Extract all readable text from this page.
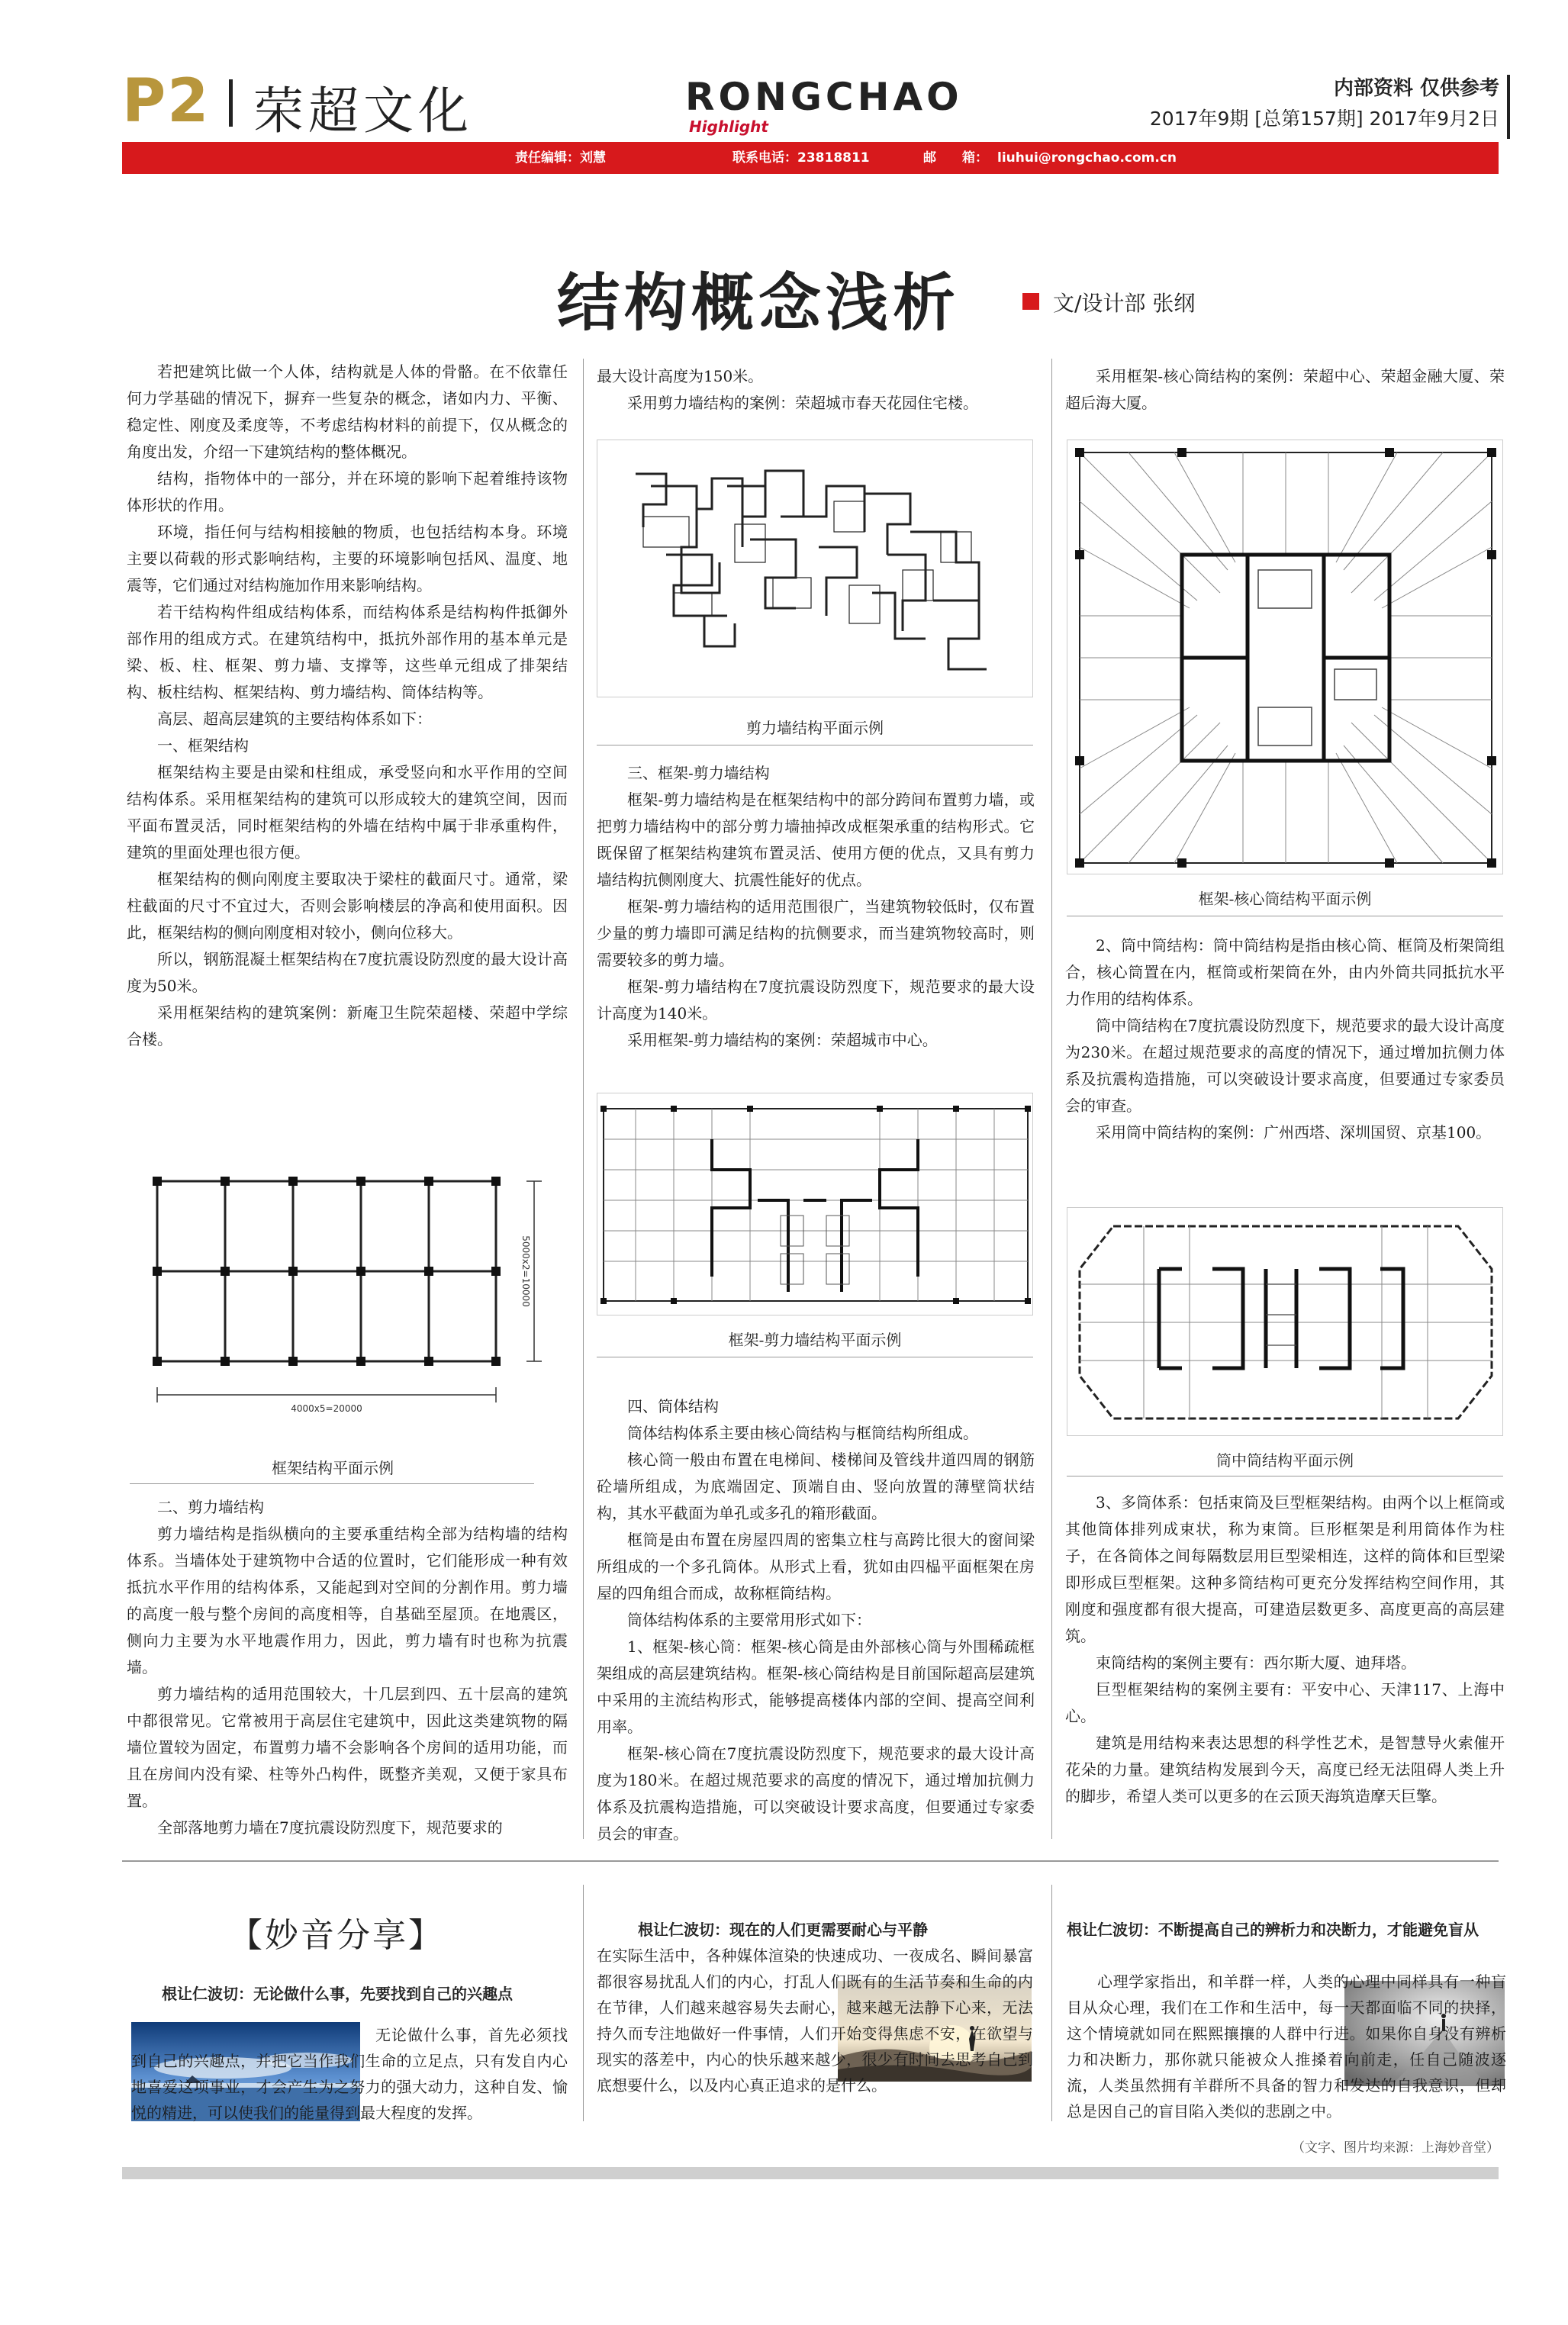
P2 荣超文化	RONGCHAO
Highlight
内部资料 仅供参考
2017年9期 [总第157期] 2017年9月2日
责任编辑：刘慧	联系电话：23818811	邮　　箱： liuhui@rongchao.com.cn
结构概念浅析	文/设计部 张纲

若把建筑比做一个人体，结构就是人体的骨骼。在不依靠任何力学基础的情况下，摒弃一些复杂的概念，诸如内力、平衡、稳定性、刚度及柔度等，不考虑结构材料的前提下，仅从概念的角度出发，介绍一下建筑结构的整体概况。

结构，指物体中的一部分，并在环境的影响下起着维持该物体形状的作用。

环境，指任何与结构相接触的物质，也包括结构本身。环境主要以荷载的形式影响结构，主要的环境影响包括风、温度、地震等，它们通过对结构施加作用来影响结构。

若干结构构件组成结构体系，而结构体系是结构构件抵御外部作用的组成方式。在建筑结构中，抵抗外部作用的基本单元是梁、板、柱、框架、剪力墙、支撑等，这些单元组成了排架结构、板柱结构、框架结构、剪力墙结构、筒体结构等。

高层、超高层建筑的主要结构体系如下：

一、框架结构

框架结构主要是由梁和柱组成，承受竖向和水平作用的空间结构体系。采用框架结构的建筑可以形成较大的建筑空间，因而平面布置灵活，同时框架结构的外墙在结构中属于非承重构件，建筑的里面处理也很方便。

框架结构的侧向刚度主要取决于梁柱的截面尺寸。通常，梁柱截面的尺寸不宜过大，否则会影响楼层的净高和使用面积。因此，框架结构的侧向刚度相对较小，侧向位移大。

所以，钢筋混凝土框架结构在7度抗震设防烈度的最大设计高度为50米。

采用框架结构的建筑案例：新庵卫生院荣超楼、荣超中学综合楼。

4000x5=20000
5000x2=10000
框架结构平面示例

二、剪力墙结构

剪力墙结构是指纵横向的主要承重结构全部为结构墙的结构体系。当墙体处于建筑物中合适的位置时，它们能形成一种有效抵抗水平作用的结构体系，又能起到对空间的分割作用。剪力墙的高度一般与整个房间的高度相等，自基础至屋顶。在地震区，侧向力主要为水平地震作用力，因此，剪力墙有时也称为抗震墙。

剪力墙结构的适用范围较大，十几层到四、五十层高的建筑中都很常见。它常被用于高层住宅建筑中，因此这类建筑物的隔墙位置较为固定，布置剪力墙不会影响各个房间的适用功能，而且在房间内没有梁、柱等外凸构件，既整齐美观，又便于家具布置。

全部落地剪力墙在7度抗震设防烈度下，规范要求的

最大设计高度为150米。

采用剪力墙结构的案例：荣超城市春天花园住宅楼。

剪力墙结构平面示例

三、框架-剪力墙结构

框架-剪力墙结构是在框架结构中的部分跨间布置剪力墙，或把剪力墙结构中的部分剪力墙抽掉改成框架承重的结构形式。它既保留了框架结构建筑布置灵活、使用方便的优点，又具有剪力墙结构抗侧刚度大、抗震性能好的优点。

框架-剪力墙结构的适用范围很广，当建筑物较低时，仅布置少量的剪力墙即可满足结构的抗侧要求，而当建筑物较高时，则需要较多的剪力墙。

框架-剪力墙结构在7度抗震设防烈度下，规范要求的最大设计高度为140米。

采用框架-剪力墙结构的案例：荣超城市中心。

框架-剪力墙结构平面示例

四、筒体结构

筒体结构体系主要由核心筒结构与框筒结构所组成。

核心筒一般由布置在电梯间、楼梯间及管线井道四周的钢筋砼墙所组成，为底端固定、顶端自由、竖向放置的薄壁筒状结构，其水平截面为单孔或多孔的箱形截面。

框筒是由布置在房屋四周的密集立柱与高跨比很大的窗间梁所组成的一个多孔筒体。从形式上看，犹如由四榀平面框架在房屋的四角组合而成，故称框筒结构。

筒体结构体系的主要常用形式如下：

1、框架-核心筒：框架-核心筒是由外部核心筒与外围稀疏框架组成的高层建筑结构。框架-核心筒结构是目前国际超高层建筑中采用的主流结构形式，能够提高楼体内部的空间、提高空间利用率。

框架-核心筒在7度抗震设防烈度下，规范要求的最大设计高度为180米。在超过规范要求的高度的情况下，通过增加抗侧力体系及抗震构造措施，可以突破设计要求高度，但要通过专家委员会的审查。

采用框架-核心筒结构的案例：荣超中心、荣超金融大厦、荣超后海大厦。

框架-核心筒结构平面示例

2、筒中筒结构：筒中筒结构是指由核心筒、框筒及桁架筒组合，核心筒置在内，框筒或桁架筒在外，由内外筒共同抵抗水平力作用的结构体系。

筒中筒结构在7度抗震设防烈度下，规范要求的最大设计高度为230米。在超过规范要求的高度的情况下，通过增加抗侧力体系及抗震构造措施，可以突破设计要求高度，但要通过专家委员会的审查。

采用筒中筒结构的案例：广州西塔、深圳国贸、京基100。

筒中筒结构平面示例

3、多筒体系：包括束筒及巨型框架结构。由两个以上框筒或其他筒体排列成束状，称为束筒。巨形框架是利用筒体作为柱子，在各筒体之间每隔数层用巨型梁相连，这样的筒体和巨型梁即形成巨型框架。这种多筒结构可更充分发挥结构空间作用，其刚度和强度都有很大提高，可建造层数更多、高度更高的高层建筑。

束筒结构的案例主要有：西尔斯大厦、迪拜塔。

巨型框架结构的案例主要有：平安中心、天津117、上海中心。

建筑是用结构来表达思想的科学性艺术，是智慧导火索催开花朵的力量。建筑结构发展到今天，高度已经无法阻碍人类上升的脚步，希望人类可以更多的在云顶天海筑造摩天巨擎。

【妙音分享】
根让仁波切：无论做什么事，先要找到自己的兴趣点

无论做什么事，首先必须找到自己的兴趣点，并把它当作我们生命的立足点，只有发自内心地喜爱这项事业，才会产生为之努力的强大动力，这种自发、愉悦的精进，可以使我们的能量得到最大程度的发挥。

根让仁波切：现在的人们更需要耐心与平静

在实际生活中，各种媒体渲染的快速成功、一夜成名、瞬间暴富都很容易扰乱人们的内心，打乱人们既有的生活节奏和生命的内在节律，人们越来越容易失去耐心，越来越无法静下心来，无法持久而专注地做好一件事情，人们开始变得焦虑不安，在欲望与现实的落差中，内心的快乐越来越少，很少有时间去思考自己到底想要什么，以及内心真正追求的是什么。

根让仁波切：不断提高自己的辨析力和决断力，才能避免盲从

心理学家指出，和羊群一样，人类的心理中同样具有一种盲目从众心理，我们在工作和生活中，每一天都面临不同的抉择，这个情境就如同在熙熙攘攘的人群中行进。如果你自身没有辨析力和决断力，那你就只能被众人推搡着向前走，任自己随波逐流，人类虽然拥有羊群所不具备的智力和发达的自我意识，但却总是因自己的盲目陷入类似的悲剧之中。

（文字、图片均来源：上海妙音堂）
